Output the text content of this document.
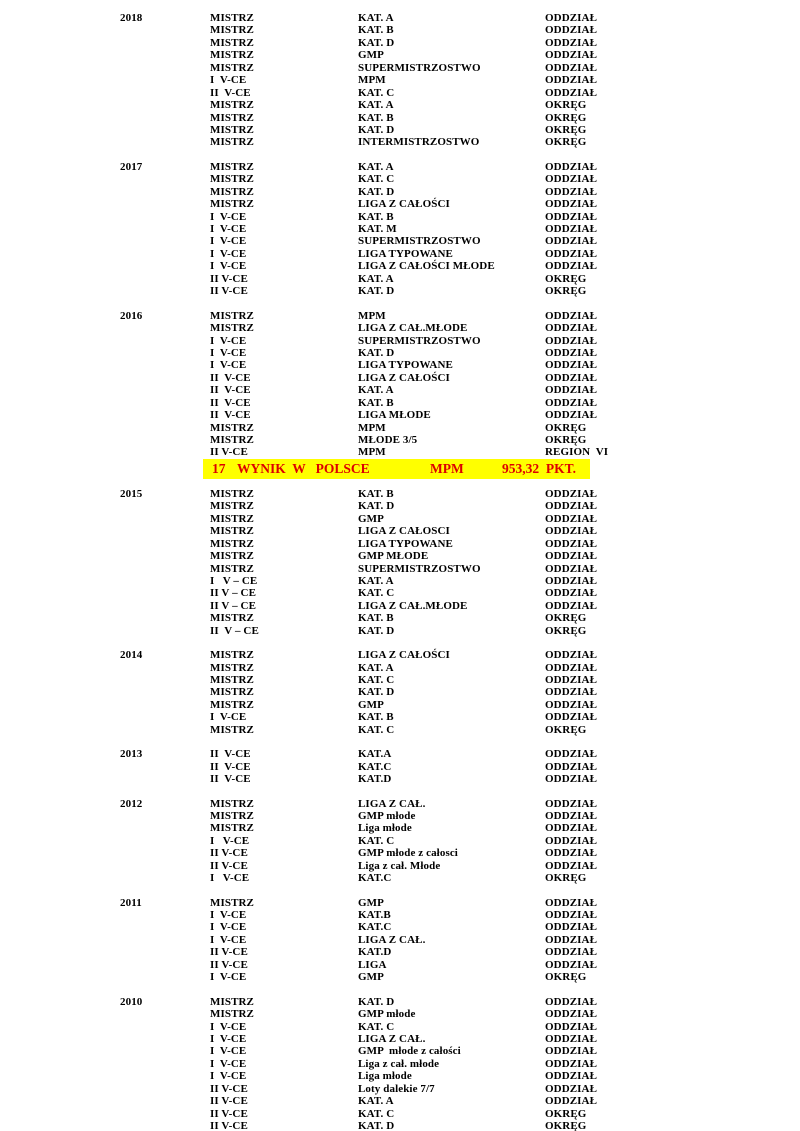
2018	MISTRZ	KAT. A	ODDZIAŁ
MISTRZ	KAT. B	ODDZIAŁ
MISTRZ	KAT. D	ODDZIAŁ
MISTRZ	GMP	ODDZIAŁ
MISTRZ	SUPERMISTRZOSTWO	ODDZIAŁ
I  V-CE	MPM	ODDZIAŁ
II  V-CE	KAT. C	ODDZIAŁ
MISTRZ	KAT. A	OKRĘG
MISTRZ	KAT. B	OKRĘG
MISTRZ	KAT. D	OKRĘG
MISTRZ	INTERMISTRZOSTWO	OKRĘG
2017	MISTRZ	KAT. A	ODDZIAŁ
MISTRZ	KAT. C	ODDZIAŁ
MISTRZ	KAT. D	ODDZIAŁ
MISTRZ	LIGA Z CAŁOŚCI	ODDZIAŁ
I  V-CE	KAT. B	ODDZIAŁ
I  V-CE	KAT. M	ODDZIAŁ
I  V-CE	SUPERMISTRZOSTWO	ODDZIAŁ
I  V-CE	LIGA TYPOWANE	ODDZIAŁ
I  V-CE	LIGA Z CAŁOŚCI MŁODE	ODDZIAŁ
II V-CE	KAT. A	OKRĘG
II V-CE	KAT. D	OKRĘG
2016	MISTRZ	MPM	ODDZIAŁ
MISTRZ	LIGA Z CAŁ.MŁODE	ODDZIAŁ
I  V-CE	SUPERMISTRZOSTWO	ODDZIAŁ
I  V-CE	KAT. D	ODDZIAŁ
I  V-CE	LIGA TYPOWANE	ODDZIAŁ
II  V-CE	LIGA Z CAŁOŚCI	ODDZIAŁ
II  V-CE	KAT. A	ODDZIAŁ
II  V-CE	KAT. B	ODDZIAŁ
II  V-CE	LIGA MŁODE	ODDZIAŁ
MISTRZ	MPM	OKRĘG
MISTRZ	MŁODE 3/5	OKRĘG
II V-CE	MPM	REGION  VI
17 WYNIK  W   POLSCE	MPM	953,32  PKT.
2015	MISTRZ	KAT. B	ODDZIAŁ
MISTRZ	KAT. D	ODDZIAŁ
MISTRZ	GMP	ODDZIAŁ
MISTRZ	LIGA Z CAŁOSCI	ODDZIAŁ
MISTRZ	LIGA TYPOWANE	ODDZIAŁ
MISTRZ	GMP MŁODE	ODDZIAŁ
MISTRZ	SUPERMISTRZOSTWO	ODDZIAŁ
I   V – CE	KAT. A	ODDZIAŁ
II V – CE	KAT. C	ODDZIAŁ
II V – CE	LIGA Z CAŁ.MŁODE	ODDZIAŁ
MISTRZ	KAT. B	OKRĘG
II  V – CE	KAT. D	OKRĘG
2014	MISTRZ	LIGA Z CAŁOŚCI	ODDZIAŁ
MISTRZ	KAT. A	ODDZIAŁ
MISTRZ	KAT. C	ODDZIAŁ
MISTRZ	KAT. D	ODDZIAŁ
MISTRZ	GMP	ODDZIAŁ
I  V-CE	KAT. B	ODDZIAŁ
MISTRZ	KAT. C	OKRĘG
2013	II  V-CE	KAT.A	ODDZIAŁ
II  V-CE	KAT.C	ODDZIAŁ
II  V-CE	KAT.D	ODDZIAŁ
2012	MISTRZ	LIGA Z CAŁ.	ODDZIAŁ
MISTRZ	GMP młode	ODDZIAŁ
MISTRZ	Liga młode	ODDZIAŁ
I   V-CE	KAT. C	ODDZIAŁ
II V-CE	GMP młode z całosci	ODDZIAŁ
II V-CE	Liga z cał. Młode	ODDZIAŁ
I   V-CE	KAT.C	OKRĘG
2011	MISTRZ	GMP	ODDZIAŁ
I  V-CE	KAT.B	ODDZIAŁ
I  V-CE	KAT.C	ODDZIAŁ
I  V-CE	LIGA Z CAŁ.	ODDZIAŁ
II V-CE	KAT.D	ODDZIAŁ
II V-CE	LIGA	ODDZIAŁ
I  V-CE	GMP	OKRĘG
2010	MISTRZ	KAT. D	ODDZIAŁ
MISTRZ	GMP młode	ODDZIAŁ
I  V-CE	KAT. C	ODDZIAŁ
I  V-CE	LIGA Z CAŁ.	ODDZIAŁ
I  V-CE	GMP  młode z całości	ODDZIAŁ
I  V-CE	Liga z cał. młode	ODDZIAŁ
I  V-CE	Liga młode	ODDZIAŁ
II V-CE	Loty dalekie 7/7	ODDZIAŁ
II V-CE	KAT. A	ODDZIAŁ
II V-CE	KAT. C	OKRĘG
II V-CE	KAT. D	OKRĘG
